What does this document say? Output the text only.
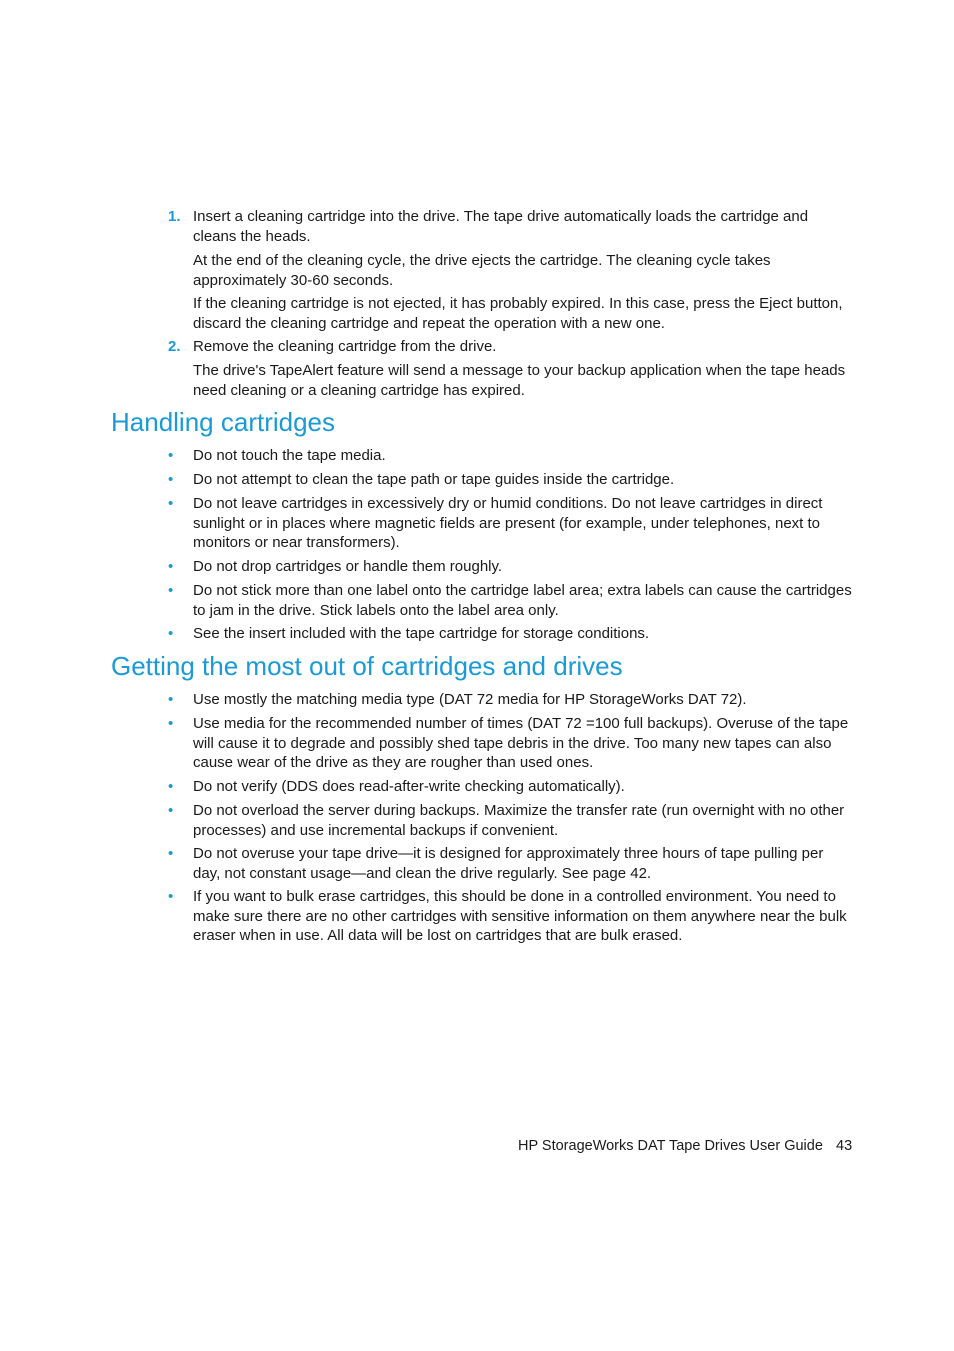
1. Insert a cleaning cartridge into the drive. The tape drive automatically loads the cartridge and cleans the heads.

At the end of the cleaning cycle, the drive ejects the cartridge. The cleaning cycle takes approximately 30-60 seconds.

If the cleaning cartridge is not ejected, it has probably expired. In this case, press the Eject button, discard the cleaning cartridge and repeat the operation with a new one.

2. Remove the cleaning cartridge from the drive.

The drive's TapeAlert feature will send a message to your backup application when the tape heads need cleaning or a cleaning cartridge has expired.

Handling cartridges
• Do not touch the tape media.

• Do not attempt to clean the tape path or tape guides inside the cartridge.

• Do not leave cartridges in excessively dry or humid conditions. Do not leave cartridges in direct sunlight or in places where magnetic fields are present (for example, under telephones, next to monitors or near transformers).

• Do not drop cartridges or handle them roughly.

• Do not stick more than one label onto the cartridge label area; extra labels can cause the cartridges to jam in the drive. Stick labels onto the label area only.

• See the insert included with the tape cartridge for storage conditions.

Getting the most out of cartridges and drives
• Use mostly the matching media type (DAT 72 media for HP StorageWorks DAT 72).

• Use media for the recommended number of times (DAT 72 =100 full backups). Overuse of the tape will cause it to degrade and possibly shed tape debris in the drive. Too many new tapes can also cause wear of the drive as they are rougher than used ones.

• Do not verify (DDS does read-after-write checking automatically).

• Do not overload the server during backups. Maximize the transfer rate (run overnight with no other processes) and use incremental backups if convenient.

• Do not overuse your tape drive—it is designed for approximately three hours of tape pulling per day, not constant usage—and clean the drive regularly. See page 42.

• If you want to bulk erase cartridges, this should be done in a controlled environment. You need to make sure there are no other cartridges with sensitive information on them anywhere near the bulk eraser when in use. All data will be lost on cartridges that are bulk erased.

HP StorageWorks DAT Tape Drives User Guide 43
